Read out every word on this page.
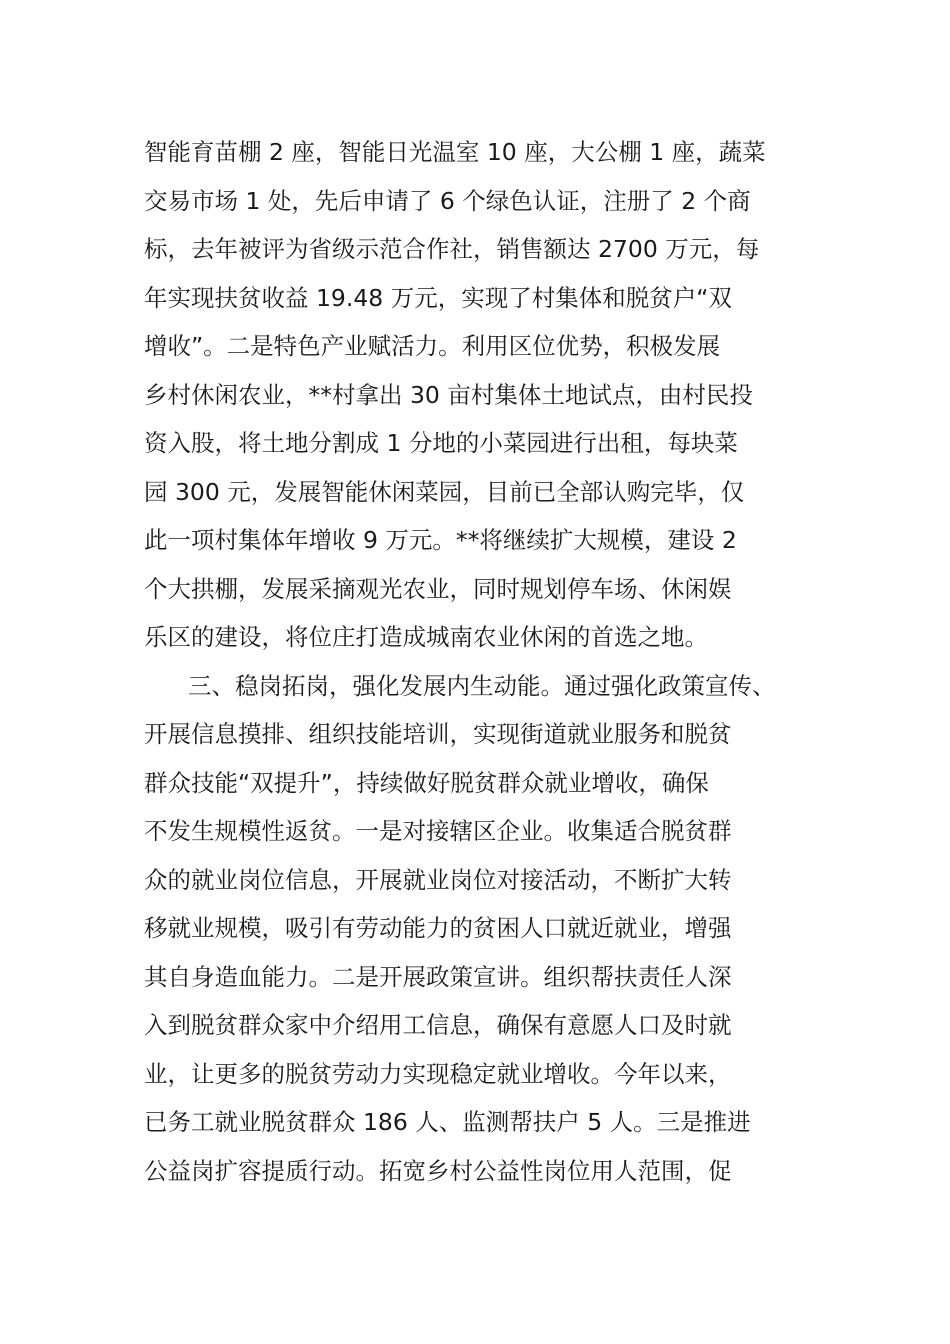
智能育苗棚 2 座，智能日光温室 10 座，大公棚 1 座，蔬菜
交易市场 1 处，先后申请了 6 个绿色认证，注册了 2 个商
标，去年被评为省级示范合作社，销售额达 2700 万元，每
年实现扶贫收益 19.48 万元，实现了村集体和脱贫户“双
增收”。二是特色产业赋活力。利用区位优势，积极发展
乡村休闲农业，**村拿出 30 亩村集体土地试点，由村民投
资入股，将土地分割成 1 分地的小菜园进行出租，每块菜
园 300 元，发展智能休闲菜园，目前已全部认购完毕，仅
此一项村集体年增收 9 万元。**将继续扩大规模，建设 2
个大拱棚，发展采摘观光农业，同时规划停车场、休闲娱
乐区的建设，将位庄打造成城南农业休闲的首选之地。
三、稳岗拓岗，强化发展内生动能。通过强化政策宣传、
开展信息摸排、组织技能培训，实现街道就业服务和脱贫
群众技能“双提升”，持续做好脱贫群众就业增收，确保
不发生规模性返贫。一是对接辖区企业。收集适合脱贫群
众的就业岗位信息，开展就业岗位对接活动，不断扩大转
移就业规模，吸引有劳动能力的贫困人口就近就业，增强
其自身造血能力。二是开展政策宣讲。组织帮扶责任人深
入到脱贫群众家中介绍用工信息，确保有意愿人口及时就
业，让更多的脱贫劳动力实现稳定就业增收。今年以来，
已务工就业脱贫群众 186 人、监测帮扶户 5 人。三是推进
公益岗扩容提质行动。拓宽乡村公益性岗位用人范围，促
